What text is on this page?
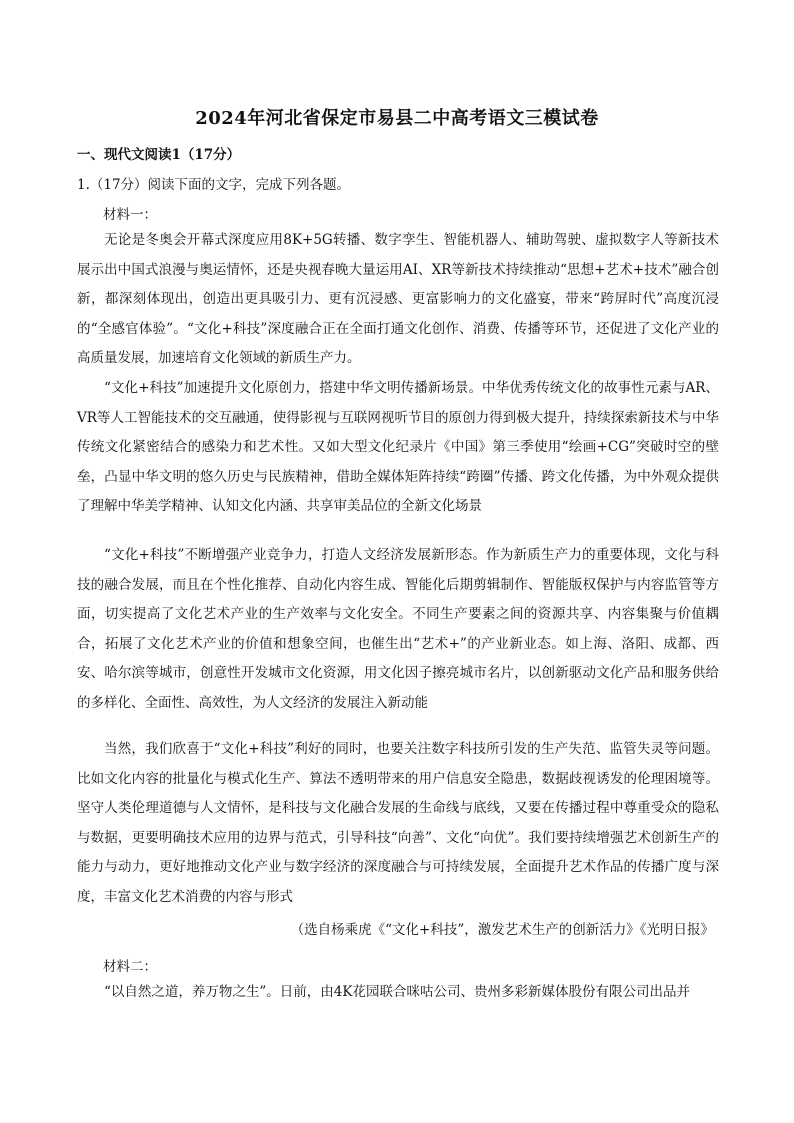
2024年河北省保定市易县二中高考语文三模试卷
一、现代文阅读1（17分）
1.（17分）阅读下面的文字，完成下列各题。
材料一：
无论是冬奥会开幕式深度应用8K+5G转播、数字孪生、智能机器人、辅助驾驶、虚拟数字人等新技术展示出中国式浪漫与奥运情怀，还是央视春晚大量运用AI、XR等新技术持续推动“思想+艺术+技术”融合创新，都深刻体现出，创造出更具吸引力、更有沉浸感、更富影响力的文化盛宴，带来“跨屏时代”高度沉浸的“全感官体验”。“文化+科技”深度融合正在全面打通文化创作、消费、传播等环节，还促进了文化产业的高质量发展，加速培育文化领域的新质生产力。
“文化+科技”加速提升文化原创力，搭建中华文明传播新场景。中华优秀传统文化的故事性元素与AR、VR等人工智能技术的交互融通，使得影视与互联网视听节目的原创力得到极大提升，持续探索新技术与中华传统文化紧密结合的感染力和艺术性。又如大型文化纪录片《中国》第三季使用“绘画+CG”突破时空的壁垒，凸显中华文明的悠久历史与民族精神，借助全媒体矩阵持续“跨圈”传播、跨文化传播，为中外观众提供了理解中华美学精神、认知文化内涵、共享审美品位的全新文化场景
“文化+科技”不断增强产业竞争力，打造人文经济发展新形态。作为新质生产力的重要体现，文化与科技的融合发展，而且在个性化推荐、自动化内容生成、智能化后期剪辑制作、智能版权保护与内容监管等方面，切实提高了文化艺术产业的生产效率与文化安全。不同生产要素之间的资源共享、内容集聚与价值耦合，拓展了文化艺术产业的价值和想象空间，也催生出“艺术+”的产业新业态。如上海、洛阳、成都、西安、哈尔滨等城市，创意性开发城市文化资源，用文化因子擦亮城市名片，以创新驱动文化产品和服务供给的多样化、全面性、高效性，为人文经济的发展注入新动能
当然，我们欣喜于“文化+科技”利好的同时，也要关注数字科技所引发的生产失范、监管失灵等问题。比如文化内容的批量化与模式化生产、算法不透明带来的用户信息安全隐患，数据歧视诱发的伦理困境等。坚守人类伦理道德与人文情怀，是科技与文化融合发展的生命线与底线，又要在传播过程中尊重受众的隐私与数据，更要明确技术应用的边界与范式，引导科技“向善”、文化“向优”。我们要持续增强艺术创新生产的能力与动力，更好地推动文化产业与数字经济的深度融合与可持续发展，全面提升艺术作品的传播广度与深度，丰富文化艺术消费的内容与形式
（选自杨乘虎《“文化+科技”，激发艺术生产的创新活力》《光明日报》
材料二：
“以自然之道，养万物之生”。日前，由4K花园联合咪咕公司、贵州多彩新媒体股份有限公司出品并
